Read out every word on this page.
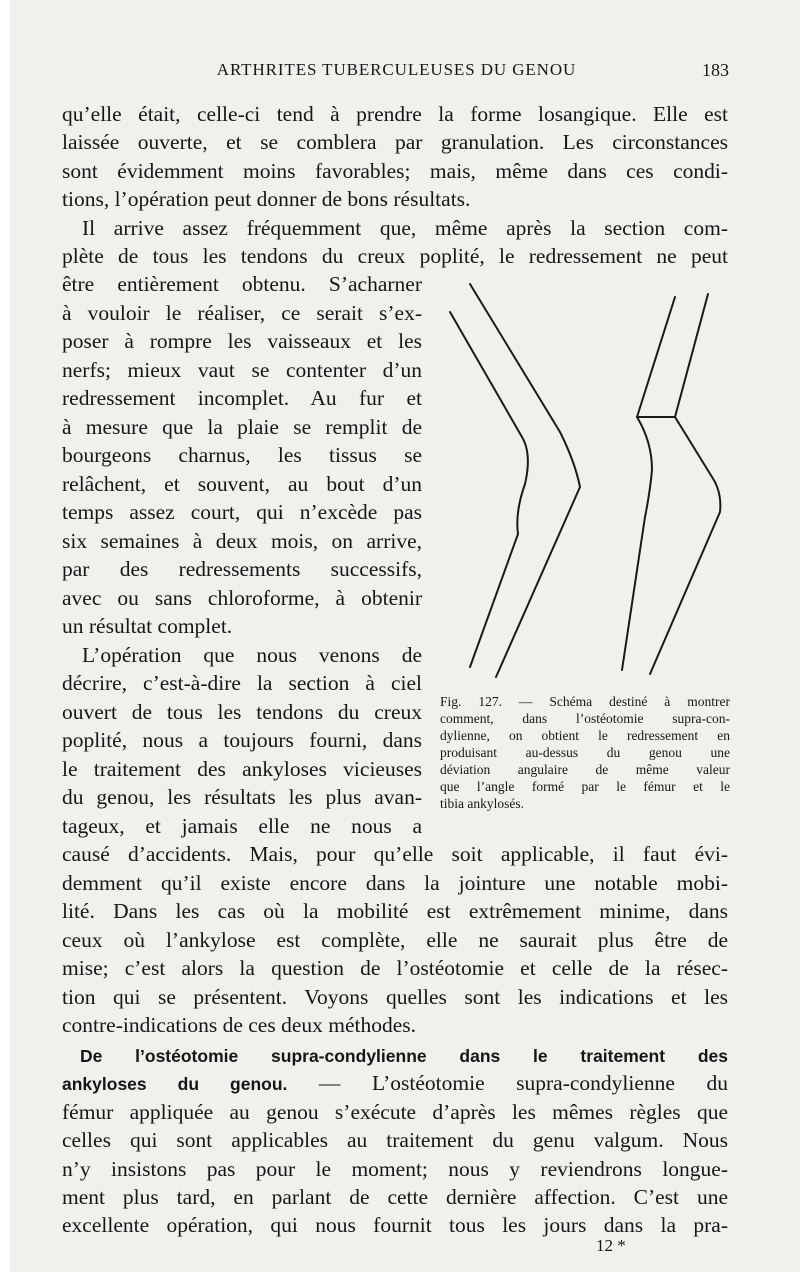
ARTHRITES TUBERCULEUSES DU GENOU	183
qu’elle était, celle-ci tend à prendre la forme losangique. Elle est
laissée ouverte, et se comblera par granulation. Les circonstances
sont évidemment moins favorables; mais, même dans ces condi-
tions, l’opération peut donner de bons résultats.
Il arrive assez fréquemment que, même après la section com-
plète de tous les tendons du creux poplité, le redressement ne peut
être entièrement obtenu. S’acharner
à vouloir le réaliser, ce serait s’ex-
poser à rompre les vaisseaux et les
nerfs; mieux vaut se contenter d’un
redressement incomplet. Au fur et
à mesure que la plaie se remplit de
bourgeons charnus, les tissus se
relâchent, et souvent, au bout d’un
temps assez court, qui n’excède pas
six semaines à deux mois, on arrive,
par des redressements successifs,
avec ou sans chloroforme, à obtenir
un résultat complet.
L’opération que nous venons de
décrire, c’est-à-dire la section à ciel
ouvert de tous les tendons du creux
poplité, nous a toujours fourni, dans
le traitement des ankyloses vicieuses
du genou, les résultats les plus avan-
tageux, et jamais elle ne nous a
causé d’accidents. Mais, pour qu’elle soit applicable, il faut évi-
demment qu’il existe encore dans la jointure une notable mobi-
lité. Dans les cas où la mobilité est extrêmement minime, dans
ceux où l’ankylose est complète, elle ne saurait plus être de
mise; c’est alors la question de l’ostéotomie et celle de la résec-
tion qui se présentent. Voyons quelles sont les indications et les
contre-indications de ces deux méthodes.
De l’ostéotomie supra-condylienne dans le traitement des
ankyloses du genou. — L’ostéotomie supra-condylienne du
fémur appliquée au genou s’exécute d’après les mêmes règles que
celles qui sont applicables au traitement du genu valgum. Nous
n’y insistons pas pour le moment; nous y reviendrons longue-
ment plus tard, en parlant de cette dernière affection. C’est une
excellente opération, qui nous fournit tous les jours dans la pra-
Fig. 127. — Schéma destiné à montrer
comment, dans l’ostéotomie supra-con-
dylienne, on obtient le redressement en
produisant au-dessus du genou une
déviation angulaire de même valeur
que l’angle formé par le fémur et le
tibia ankylosés.
12 *
